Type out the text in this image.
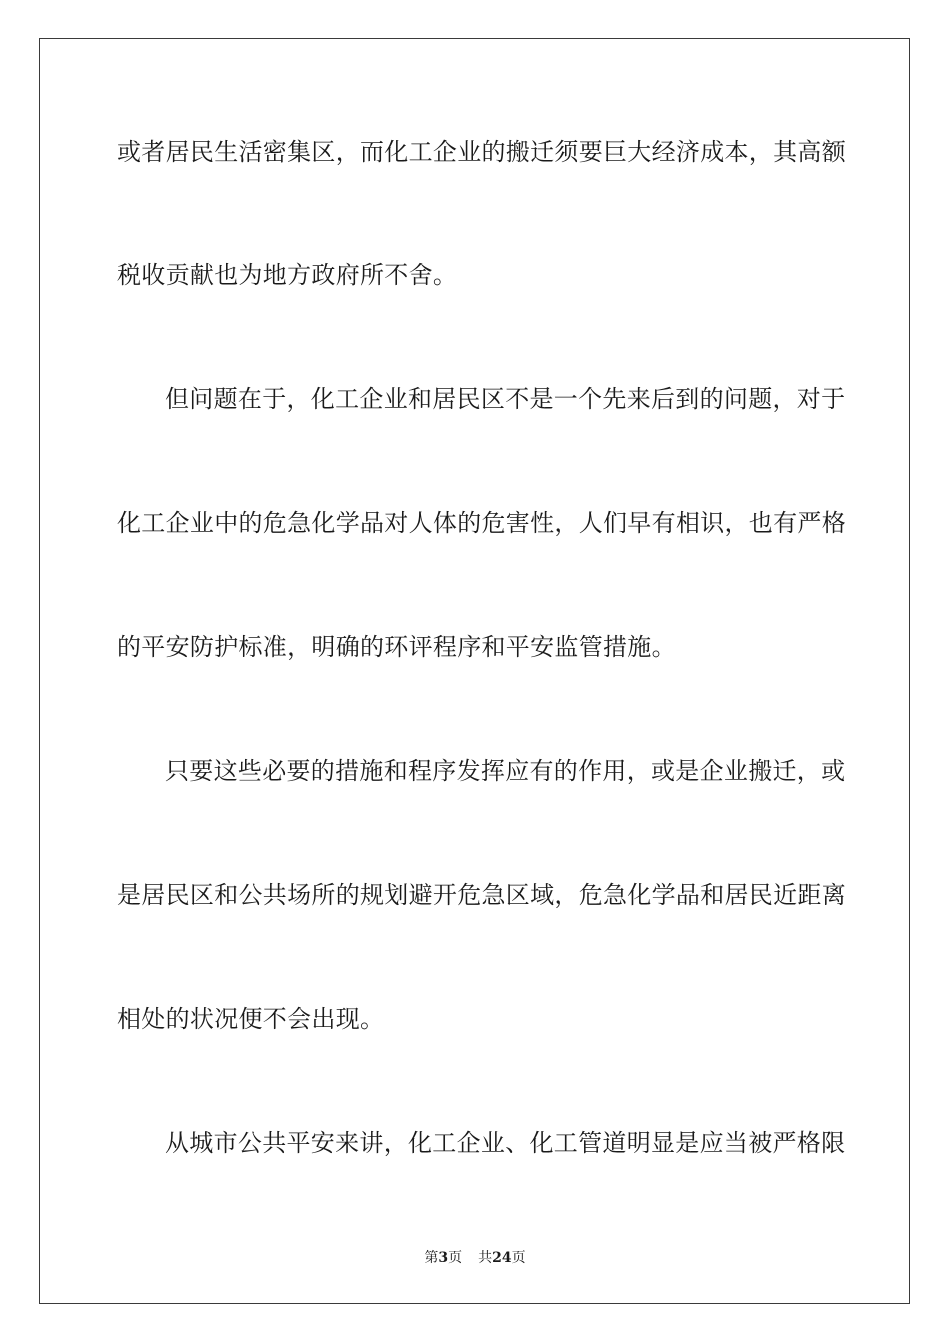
或者居民生活密集区，而化工企业的搬迁须要巨大经济成本，其高额
税收贡献也为地方政府所不舍。
但问题在于，化工企业和居民区不是一个先来后到的问题，对于
化工企业中的危急化学品对人体的危害性，人们早有相识，也有严格
的平安防护标准，明确的环评程序和平安监管措施。
只要这些必要的措施和程序发挥应有的作用，或是企业搬迁，或
是居民区和公共场所的规划避开危急区域，危急化学品和居民近距离
相处的状况便不会出现。
从城市公共平安来讲，化工企业、化工管道明显是应当被严格限
第3页 共24页
